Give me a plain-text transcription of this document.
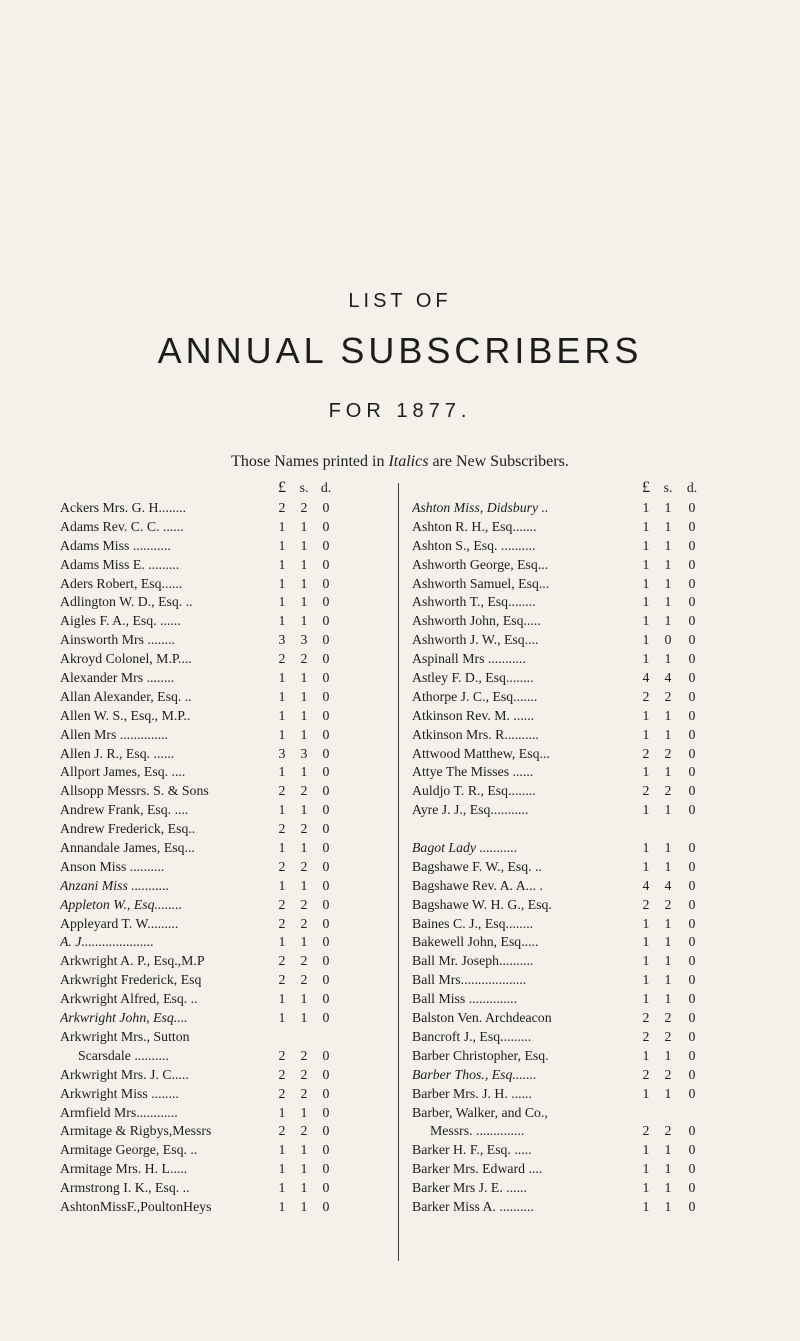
LIST OF
ANNUAL SUBSCRIBERS
FOR 1877.
Those Names printed in Italics are New Subscribers.
£ s. d.
Ackers Mrs. G. H........	2	2	0
Adams Rev. C. C. ......	1	1	0
Adams Miss ...........	1	1	0
Adams Miss E. .........	1	1	0
Aders Robert, Esq......	1	1	0
Adlington W. D., Esq. ..	1	1	0
Aigles F. A., Esq. ......	1	1	0
Ainsworth Mrs ........	3	3	0
Akroyd Colonel, M.P....	2	2	0
Alexander Mrs ........	1	1	0
Allan Alexander, Esq. ..	1	1	0
Allen W. S., Esq., M.P..	1	1	0
Allen Mrs ..............	1	1	0
Allen J. R., Esq. ......	3	3	0
Allport James, Esq. ....	1	1	0
Allsopp Messrs. S. & Sons	2	2	0
Andrew Frank, Esq. ....	1	1	0
Andrew Frederick, Esq..	2	2	0
Annandale James, Esq...	1	1	0
Anson Miss ..........	2	2	0
Anzani Miss ...........	1	1	0
Appleton W., Esq........	2	2	0
Appleyard T. W.........	2	2	0
A. J.....................	1	1	0
Arkwright A. P., Esq.,M.P	2	2	0
Arkwright Frederick, Esq	2	2	0
Arkwright Alfred, Esq. ..	1	1	0
Arkwright John, Esq....	1	1	0
Arkwright Mrs., Sutton
Scarsdale ..........	2	2	0
Arkwright Mrs. J. C.....	2	2	0
Arkwright Miss ........	2	2	0
Armfield Mrs............	1	1	0
Armitage & Rigbys,Messrs	2	2	0
Armitage George, Esq. ..	1	1	0
Armitage Mrs. H. L.....	1	1	0
Armstrong I. K., Esq. ..	1	1	0
AshtonMissF.,PoultonHeys	1	1	0
£ s.	d.
Ashton Miss, Didsbury ..	1	1	0
Ashton R. H., Esq.......	1	1	0
Ashton S., Esq. ..........	1	1	0
Ashworth George, Esq...	1	1	0
Ashworth Samuel, Esq...	1	1	0
Ashworth T., Esq........	1	1	0
Ashworth John, Esq.....	1	1	0
Ashworth J. W., Esq....	1	0	0
Aspinall Mrs ...........	1	1	0
Astley F. D., Esq........	4	4	0
Athorpe J. C., Esq.......	2	2	0
Atkinson Rev. M. ......	1	1	0
Atkinson Mrs. R..........	1	1	0
Attwood Matthew, Esq...	2	2	0
Attye The Misses ......	1	1	0
Auldjo T. R., Esq........	2	2	0
Ayre J. J., Esq...........	1	1	0
Bagot Lady ...........	1	1	0
Bagshawe F. W., Esq. ..	1	1	0
Bagshawe Rev. A. A... .	4	4	0
Bagshawe W. H. G., Esq.	2	2	0
Baines C. J., Esq........	1	1	0
Bakewell John, Esq.....	1	1	0
Ball Mr. Joseph..........	1	1	0
Ball Mrs...................	1	1	0
Ball Miss ..............	1	1	0
Balston Ven. Archdeacon	2	2	0
Bancroft J., Esq.........	2	2	0
Barber Christopher, Esq.	1	1	0
Barber Thos., Esq.......	2	2	0
Barber Mrs. J. H. ......	1	1	0
Barber, Walker, and Co.,
Messrs. ..............	2	2	0
Barker H. F., Esq. .....	1	1	0
Barker Mrs. Edward ....	1	1	0
Barker Mrs J. E. ......	1	1	0
Barker Miss A. ..........	1	1	0
